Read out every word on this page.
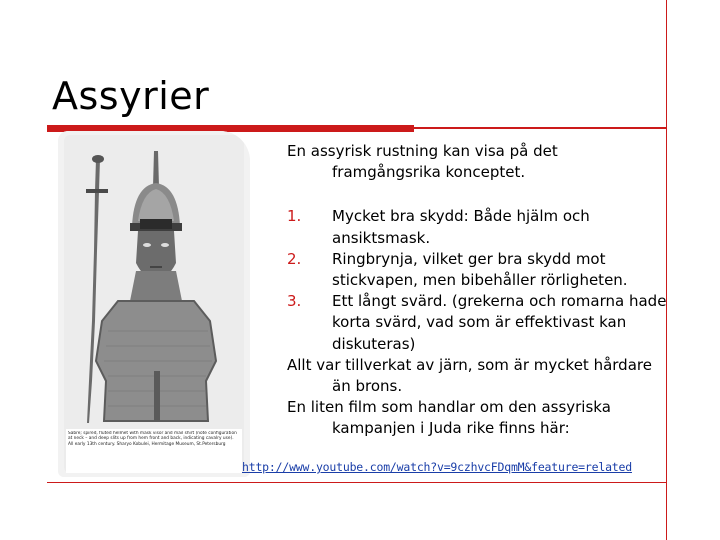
Assyrier
Sabre; spired, fluted helmet with mask visor and mail shirt (note configuration at neck – and deep slits up from hem front and back, indicating cavalry use). All early 13th century. Sharyo Kobulei, Hermitage Museum, St.Petersburg

En assyrisk rustning kan visa på det framgångsrika konceptet.

1. Mycket bra skydd: Både hjälm och ansiktsmask.
2. Ringbrynja, vilket ger bra skydd mot stickvapen, men bibehåller rörligheten.
3. Ett långt svärd. (grekerna och romarna hade korta svärd, vad som är effektivast kan diskuteras)

Allt var tillverkat av järn, som är mycket hårdare än brons.

En liten film som handlar om den assyriska kampanjen i Juda rike finns här:

http://www.youtube.com/watch?v=9czhvcFDqmM&feature=related
